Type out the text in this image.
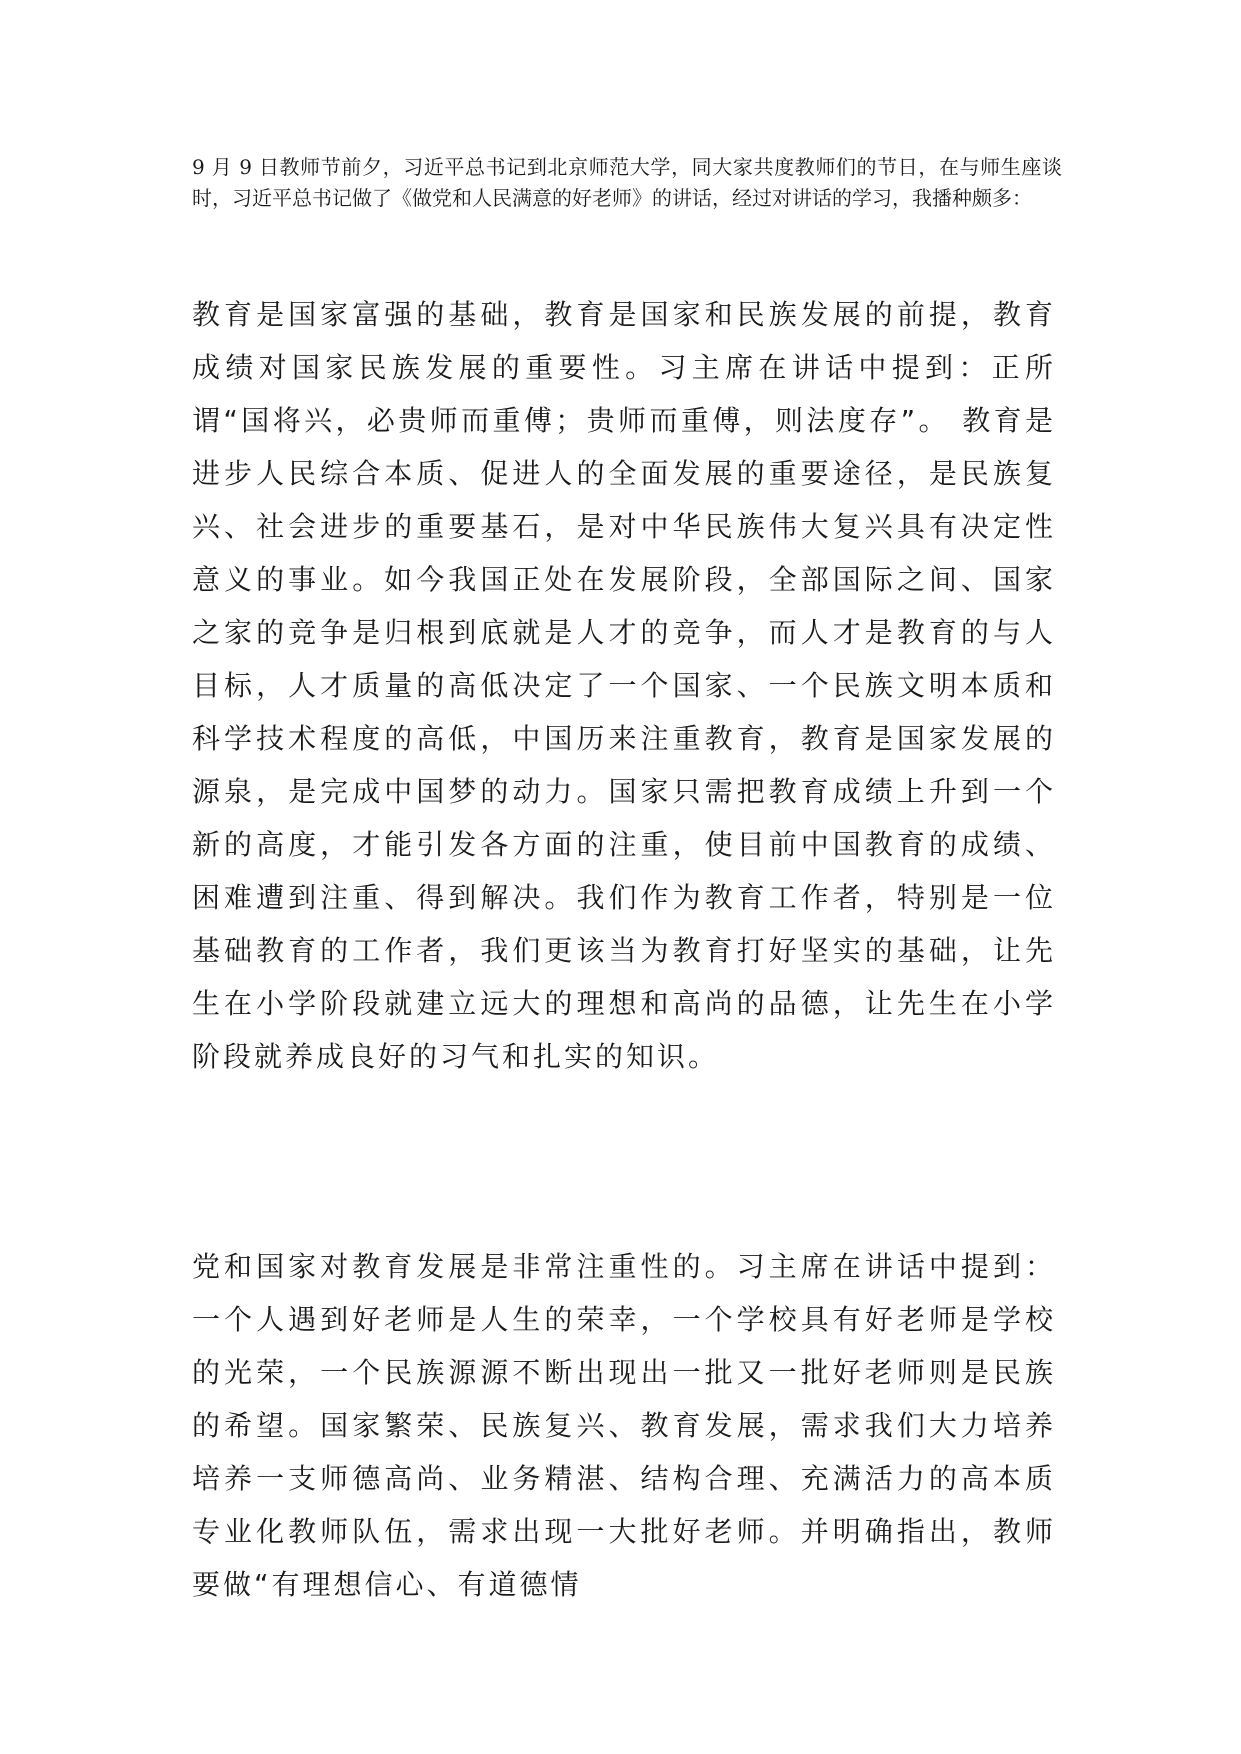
9 月 9 日教师节前夕，习近平总书记到北京师范大学，同大家共度教师们的节日，在与师生座谈时，习近平总书记做了《做党和人民满意的好老师》的讲话，经过对讲话的学习，我播种颇多：

教育是国家富强的基础，教育是国家和民族发展的前提，教育成绩对国家民族发展的重要性。习主席在讲话中提到：正所谓“国将兴，必贵师而重傅；贵师而重傅，则法度存”。 教育是进步人民综合本质、促进人的全面发展的重要途径，是民族复兴、社会进步的重要基石，是对中华民族伟大复兴具有决定性意义的事业。如今我国正处在发展阶段，全部国际之间、国家之家的竞争是归根到底就是人才的竞争，而人才是教育的与人目标，人才质量的高低决定了一个国家、一个民族文明本质和科学技术程度的高低，中国历来注重教育，教育是国家发展的源泉，是完成中国梦的动力。国家只需把教育成绩上升到一个新的高度，才能引发各方面的注重，使目前中国教育的成绩、困难遭到注重、得到解决。我们作为教育工作者，特别是一位基础教育的工作者，我们更该当为教育打好坚实的基础，让先生在小学阶段就建立远大的理想和高尚的品德，让先生在小学阶段就养成良好的习气和扎实的知识。

党和国家对教育发展是非常注重性的。习主席在讲话中提到：一个人遇到好老师是人生的荣幸，一个学校具有好老师是学校的光荣，一个民族源源不断出现出一批又一批好老师则是民族的希望。国家繁荣、民族复兴、教育发展，需求我们大力培养培养一支师德高尚、业务精湛、结构合理、充满活力的高本质专业化教师队伍，需求出现一大批好老师。并明确指出，教师要做“有理想信心、有道德情
